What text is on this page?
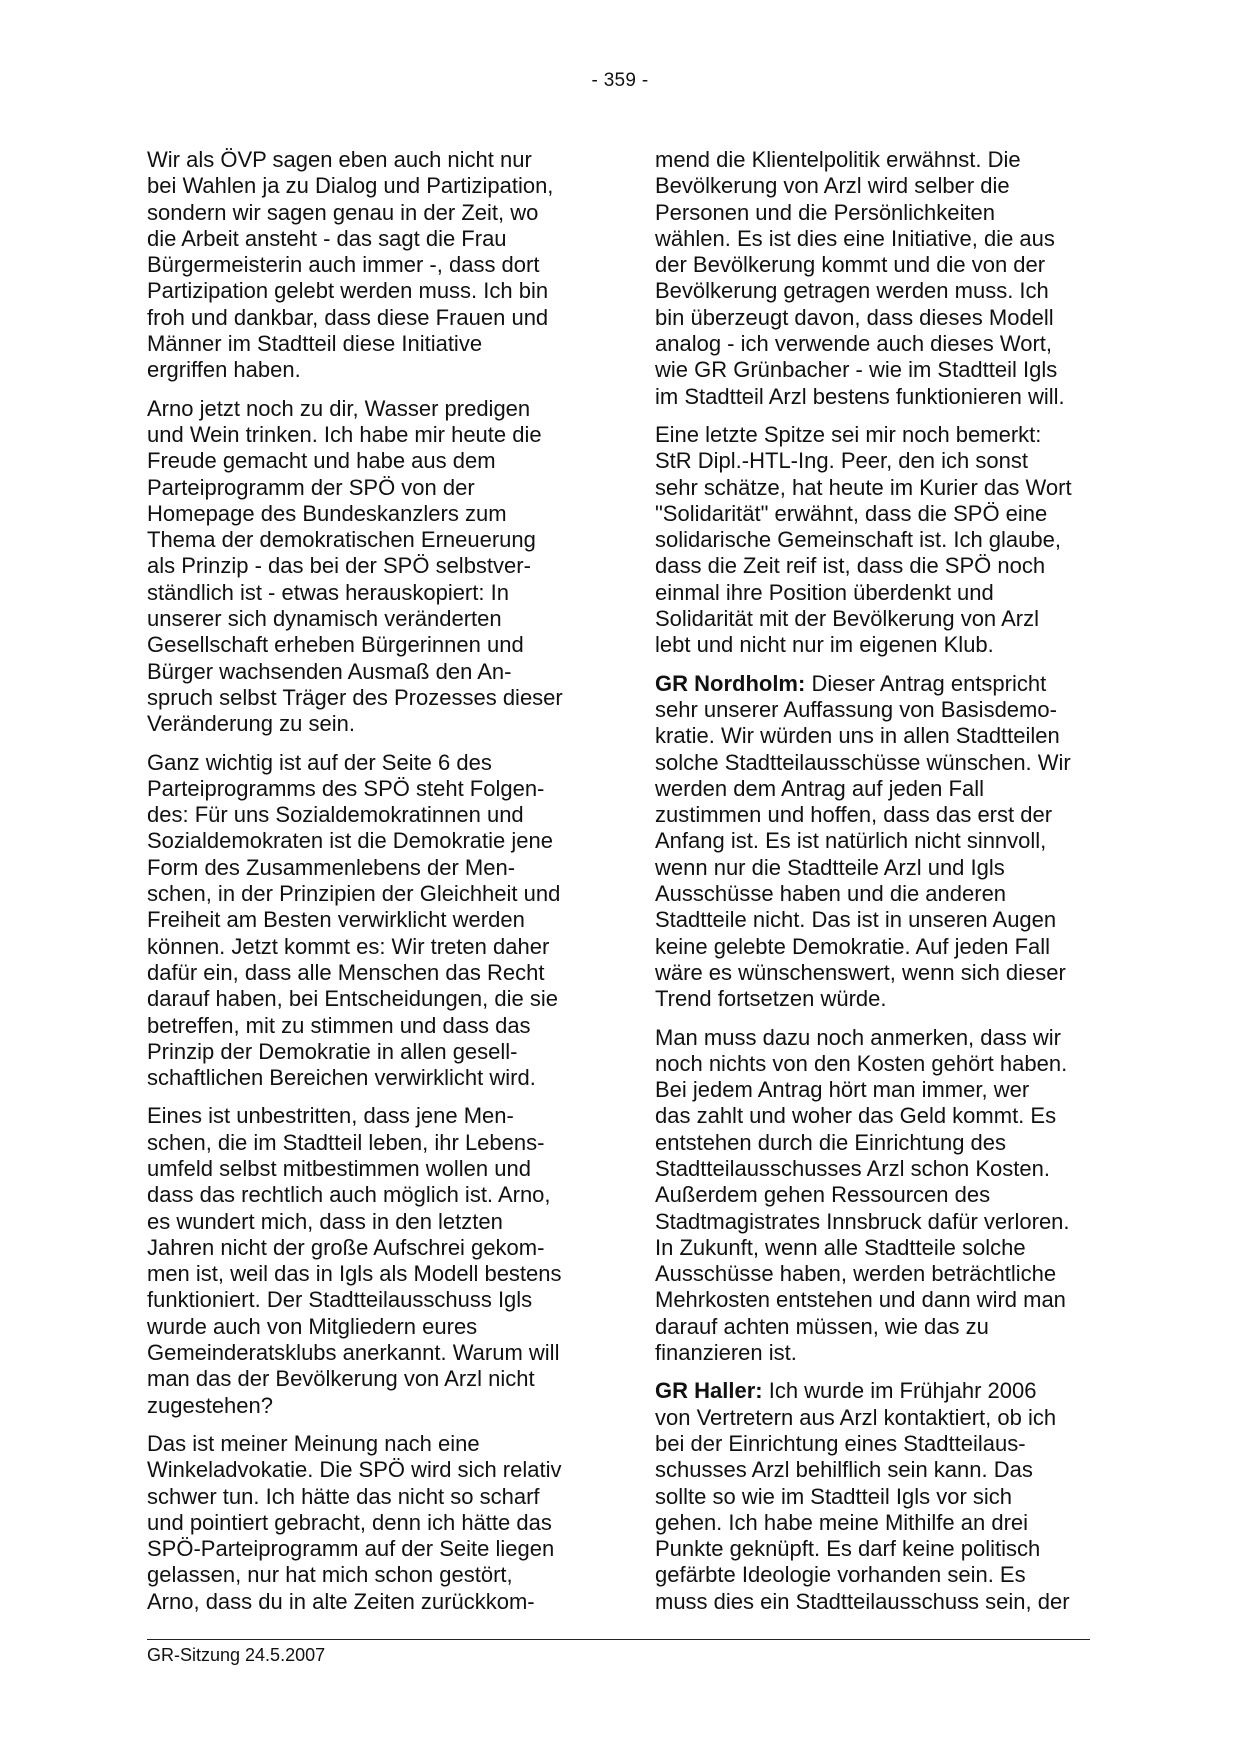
- 359 -
Wir als ÖVP sagen eben auch nicht nur
bei Wahlen ja zu Dialog und Partizipation,
sondern wir sagen genau in der Zeit, wo
die Arbeit ansteht - das sagt die Frau
Bürgermeisterin auch immer -, dass dort
Partizipation gelebt werden muss. Ich bin
froh und dankbar, dass diese Frauen und
Männer im Stadtteil diese Initiative
ergriffen haben.
Arno jetzt noch zu dir, Wasser predigen
und Wein trinken. Ich habe mir heute die
Freude gemacht und habe aus dem
Parteiprogramm der SPÖ von der
Homepage des Bundeskanzlers zum
Thema der demokratischen Erneuerung
als Prinzip - das bei der SPÖ selbstver-
ständlich ist - etwas herauskopiert: In
unserer sich dynamisch veränderten
Gesellschaft erheben Bürgerinnen und
Bürger wachsenden Ausmaß den An-
spruch selbst Träger des Prozesses dieser
Veränderung zu sein.
Ganz wichtig ist auf der Seite 6 des
Parteiprogramms des SPÖ steht Folgen-
des: Für uns Sozialdemokratinnen und
Sozialdemokraten ist die Demokratie jene
Form des Zusammenlebens der Men-
schen, in der Prinzipien der Gleichheit und
Freiheit am Besten verwirklicht werden
können. Jetzt kommt es: Wir treten daher
dafür ein, dass alle Menschen das Recht
darauf haben, bei Entscheidungen, die sie
betreffen, mit zu stimmen und dass das
Prinzip der Demokratie in allen gesell-
schaftlichen Bereichen verwirklicht wird.
Eines ist unbestritten, dass jene Men-
schen, die im Stadtteil leben, ihr Lebens-
umfeld selbst mitbestimmen wollen und
dass das rechtlich auch möglich ist. Arno,
es wundert mich, dass in den letzten
Jahren nicht der große Aufschrei gekom-
men ist, weil das in Igls als Modell bestens
funktioniert. Der Stadtteilausschuss Igls
wurde auch von Mitgliedern eures
Gemeinderatsklubs anerkannt. Warum will
man das der Bevölkerung von Arzl nicht
zugestehen?
Das ist meiner Meinung nach eine
Winkeladvokatie. Die SPÖ wird sich relativ
schwer tun. Ich hätte das nicht so scharf
und pointiert gebracht, denn ich hätte das
SPÖ-Parteiprogramm auf der Seite liegen
gelassen, nur hat mich schon gestört,
Arno, dass du in alte Zeiten zurückkom-
mend die Klientelpolitik erwähnst. Die
Bevölkerung von Arzl wird selber die
Personen und die Persönlichkeiten
wählen. Es ist dies eine Initiative, die aus
der Bevölkerung kommt und die von der
Bevölkerung getragen werden muss. Ich
bin überzeugt davon, dass dieses Modell
analog - ich verwende auch dieses Wort,
wie GR Grünbacher - wie im Stadtteil Igls
im Stadtteil Arzl bestens funktionieren will.
Eine letzte Spitze sei mir noch bemerkt:
StR Dipl.-HTL-Ing. Peer, den ich sonst
sehr schätze, hat heute im Kurier das Wort
"Solidarität" erwähnt, dass die SPÖ eine
solidarische Gemeinschaft ist. Ich glaube,
dass die Zeit reif ist, dass die SPÖ noch
einmal ihre Position überdenkt und
Solidarität mit der Bevölkerung von Arzl
lebt und nicht nur im eigenen Klub.
GR Nordholm: Dieser Antrag entspricht
sehr unserer Auffassung von Basisdemo-
kratie. Wir würden uns in allen Stadtteilen
solche Stadtteilausschüsse wünschen. Wir
werden dem Antrag auf jeden Fall
zustimmen und hoffen, dass das erst der
Anfang ist. Es ist natürlich nicht sinnvoll,
wenn nur die Stadtteile Arzl und Igls
Ausschüsse haben und die anderen
Stadtteile nicht. Das ist in unseren Augen
keine gelebte Demokratie. Auf jeden Fall
wäre es wünschenswert, wenn sich dieser
Trend fortsetzen würde.
Man muss dazu noch anmerken, dass wir
noch nichts von den Kosten gehört haben.
Bei jedem Antrag hört man immer, wer
das zahlt und woher das Geld kommt. Es
entstehen durch die Einrichtung des
Stadtteilausschusses Arzl schon Kosten.
Außerdem gehen Ressourcen des
Stadtmagistrates Innsbruck dafür verloren.
In Zukunft, wenn alle Stadtteile solche
Ausschüsse haben, werden beträchtliche
Mehrkosten entstehen und dann wird man
darauf achten müssen, wie das zu
finanzieren ist.
GR Haller: Ich wurde im Frühjahr 2006
von Vertretern aus Arzl kontaktiert, ob ich
bei der Einrichtung eines Stadtteilaus-
schusses Arzl behilflich sein kann. Das
sollte so wie im Stadtteil Igls vor sich
gehen. Ich habe meine Mithilfe an drei
Punkte geknüpft. Es darf keine politisch
gefärbte Ideologie vorhanden sein. Es
muss dies ein Stadtteilausschuss sein, der
GR-Sitzung 24.5.2007
